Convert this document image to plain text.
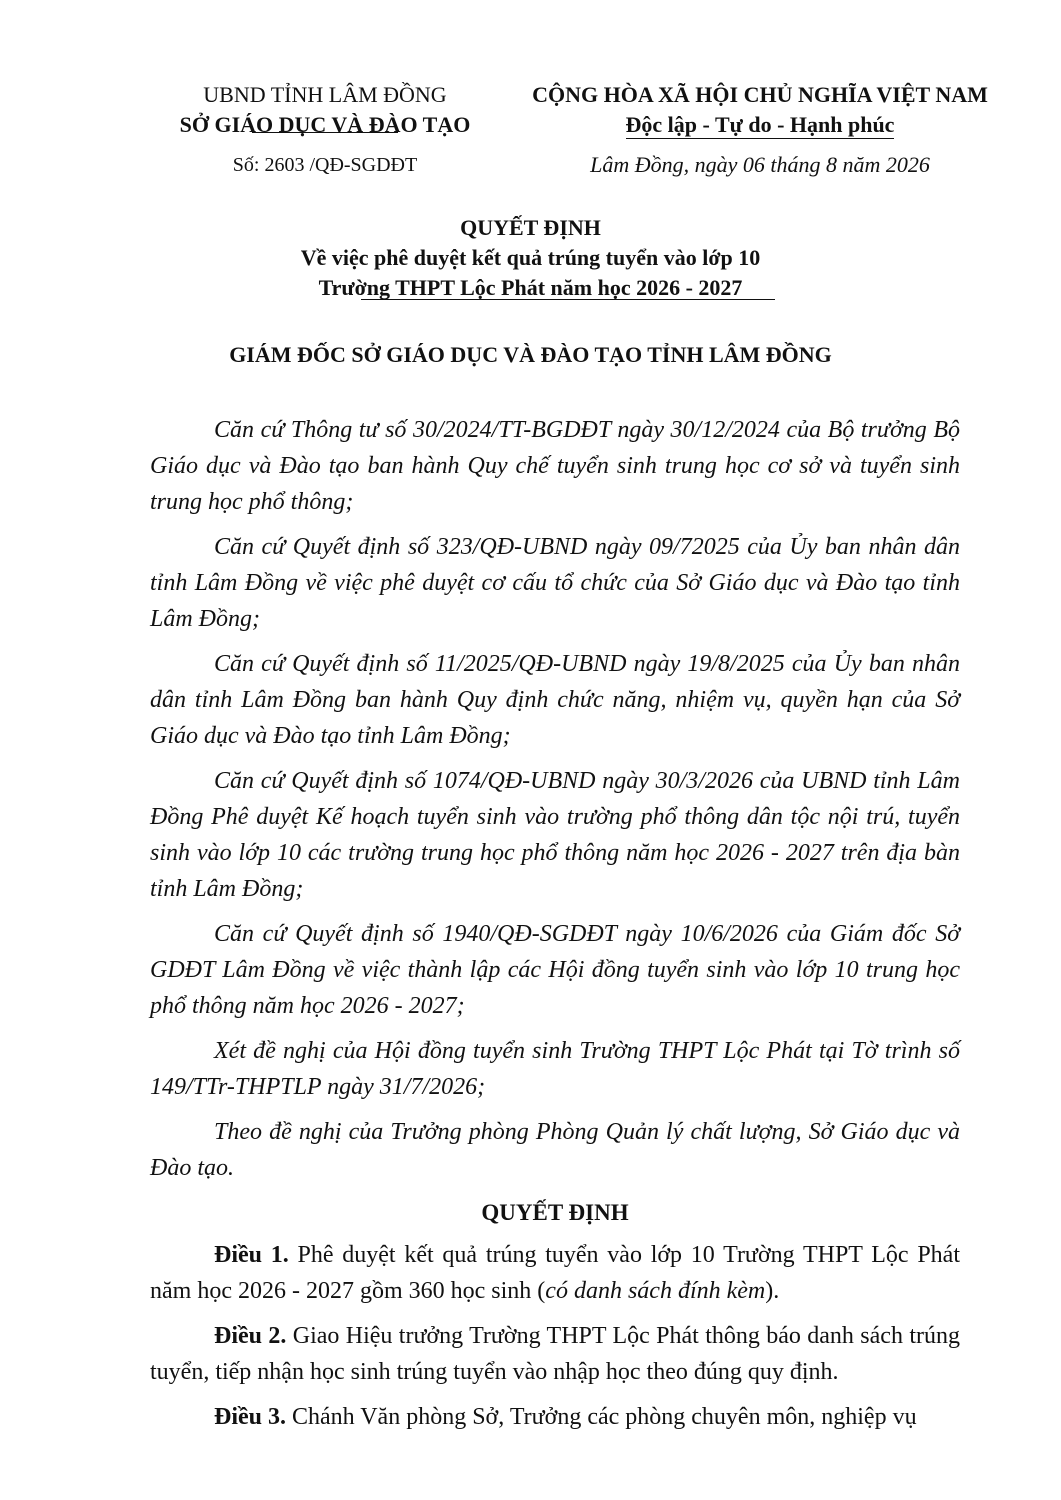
UBND TỈNH LÂM ĐỒNG
SỞ GIÁO DỤC VÀ ĐÀO TẠO
Số: 2603 /QĐ-SGDĐT
CỘNG HÒA XÃ HỘI CHỦ NGHĨA VIỆT NAM
Độc lập - Tự do - Hạnh phúc
Lâm Đồng, ngày 06 tháng 8 năm 2026
QUYẾT ĐỊNH
Về việc phê duyệt kết quả trúng tuyển vào lớp 10
Trường THPT Lộc Phát năm học 2026 - 2027
GIÁM ĐỐC SỞ GIÁO DỤC VÀ ĐÀO TẠO TỈNH LÂM ĐỒNG

Căn cứ Thông tư số 30/2024/TT-BGDĐT ngày 30/12/2024 của Bộ trưởng Bộ Giáo dục và Đào tạo ban hành Quy chế tuyển sinh trung học cơ sở và tuyển sinh trung học phổ thông;

Căn cứ Quyết định số 323/QĐ-UBND ngày 09/72025 của Ủy ban nhân dân tỉnh Lâm Đồng về việc phê duyệt cơ cấu tổ chức của Sở Giáo dục và Đào tạo tỉnh Lâm Đồng;

Căn cứ Quyết định số 11/2025/QĐ-UBND ngày 19/8/2025 của Ủy ban nhân dân tỉnh Lâm Đồng ban hành Quy định chức năng, nhiệm vụ, quyền hạn của Sở Giáo dục và Đào tạo tỉnh Lâm Đồng;

Căn cứ Quyết định số 1074/QĐ-UBND ngày 30/3/2026 của UBND tỉnh Lâm Đồng Phê duyệt Kế hoạch tuyển sinh vào trường phổ thông dân tộc nội trú, tuyển sinh vào lớp 10 các trường trung học phổ thông năm học 2026 - 2027 trên địa bàn tỉnh Lâm Đồng;

Căn cứ Quyết định số 1940/QĐ-SGDĐT ngày 10/6/2026 của Giám đốc Sở GDĐT Lâm Đồng về việc thành lập các Hội đồng tuyển sinh vào lớp 10 trung học phổ thông năm học 2026 - 2027;

Xét đề nghị của Hội đồng tuyển sinh Trường THPT Lộc Phát tại Tờ trình số 149/TTr-THPTLP ngày 31/7/2026;

Theo đề nghị của Trưởng phòng Phòng Quản lý chất lượng, Sở Giáo dục và Đào tạo.

QUYẾT ĐỊNH

Điều 1. Phê duyệt kết quả trúng tuyển vào lớp 10 Trường THPT Lộc Phát năm học 2026 - 2027 gồm 360 học sinh (có danh sách đính kèm).

Điều 2. Giao Hiệu trưởng Trường THPT Lộc Phát thông báo danh sách trúng tuyển, tiếp nhận học sinh trúng tuyển vào nhập học theo đúng quy định.

Điều 3. Chánh Văn phòng Sở, Trưởng các phòng chuyên môn, nghiệp vụ
